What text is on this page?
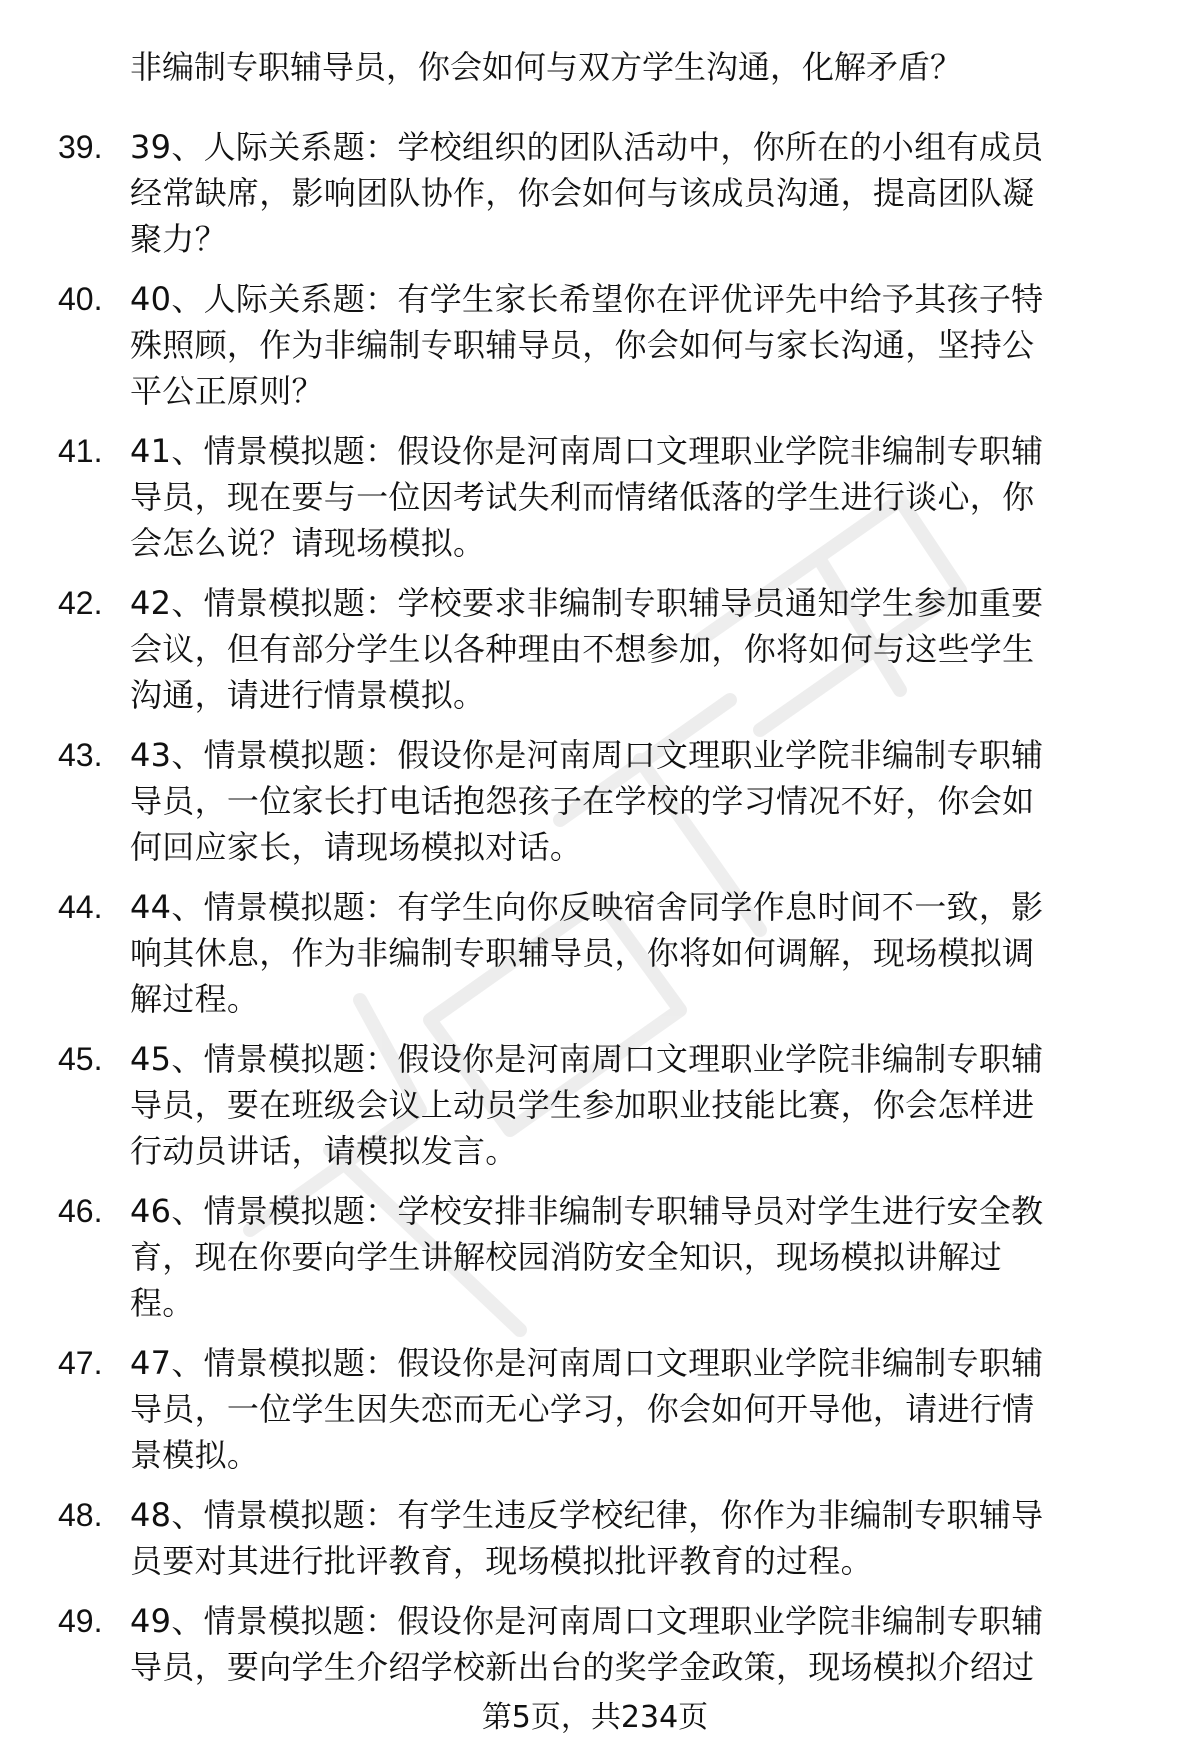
非编制专职辅导员，你会如何与双方学生沟通，化解矛盾？
39. 39、人际关系题：学校组织的团队活动中，你所在的小组有成员
经常缺席，影响团队协作，你会如何与该成员沟通，提高团队凝
聚力？
40. 40、人际关系题：有学生家长希望你在评优评先中给予其孩子特
殊照顾，作为非编制专职辅导员，你会如何与家长沟通，坚持公
平公正原则？
41. 41、情景模拟题：假设你是河南周口文理职业学院非编制专职辅
导员，现在要与一位因考试失利而情绪低落的学生进行谈心，你
会怎么说？请现场模拟。
42. 42、情景模拟题：学校要求非编制专职辅导员通知学生参加重要
会议，但有部分学生以各种理由不想参加，你将如何与这些学生
沟通，请进行情景模拟。
43. 43、情景模拟题：假设你是河南周口文理职业学院非编制专职辅
导员，一位家长打电话抱怨孩子在学校的学习情况不好，你会如
何回应家长，请现场模拟对话。
44. 44、情景模拟题：有学生向你反映宿舍同学作息时间不一致，影
响其休息，作为非编制专职辅导员，你将如何调解，现场模拟调
解过程。
45. 45、情景模拟题：假设你是河南周口文理职业学院非编制专职辅
导员，要在班级会议上动员学生参加职业技能比赛，你会怎样进
行动员讲话，请模拟发言。
46. 46、情景模拟题：学校安排非编制专职辅导员对学生进行安全教
育，现在你要向学生讲解校园消防安全知识，现场模拟讲解过
程。
47. 47、情景模拟题：假设你是河南周口文理职业学院非编制专职辅
导员，一位学生因失恋而无心学习，你会如何开导他，请进行情
景模拟。
48. 48、情景模拟题：有学生违反学校纪律，你作为非编制专职辅导
员要对其进行批评教育，现场模拟批评教育的过程。
49. 49、情景模拟题：假设你是河南周口文理职业学院非编制专职辅
导员，要向学生介绍学校新出台的奖学金政策，现场模拟介绍过
第5页，共234页
